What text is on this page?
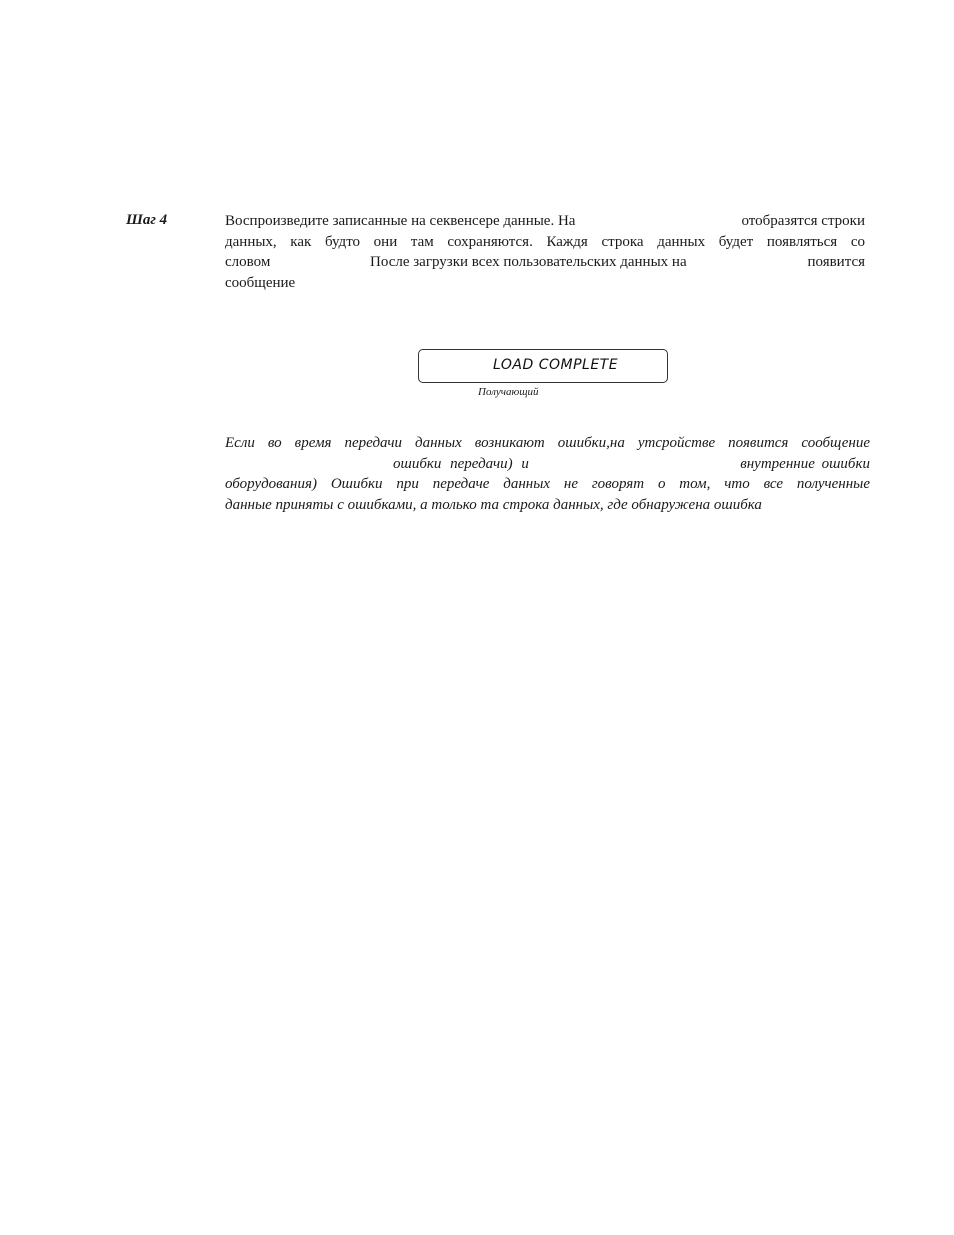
Шаг 4	Воспроизведите записанные на секвенсере данные. На	отобразятся строки
данных, как будто они там сохраняются. Каждя строка данных будет появляться со
словом	После загрузки всех пользовательских данных на	появится
сообщение
LOAD COMPLETE
Получающий
Если во время передачи данных возникают ошибки,на утсройстве появится сообщение
ошибки передачи) и	внутренние ошибки
оборудования) Ошибки при передаче данных не говорят о том, что все полученные
данные приняты с ошибками, а только та строка данных, где обнаружена ошибка
